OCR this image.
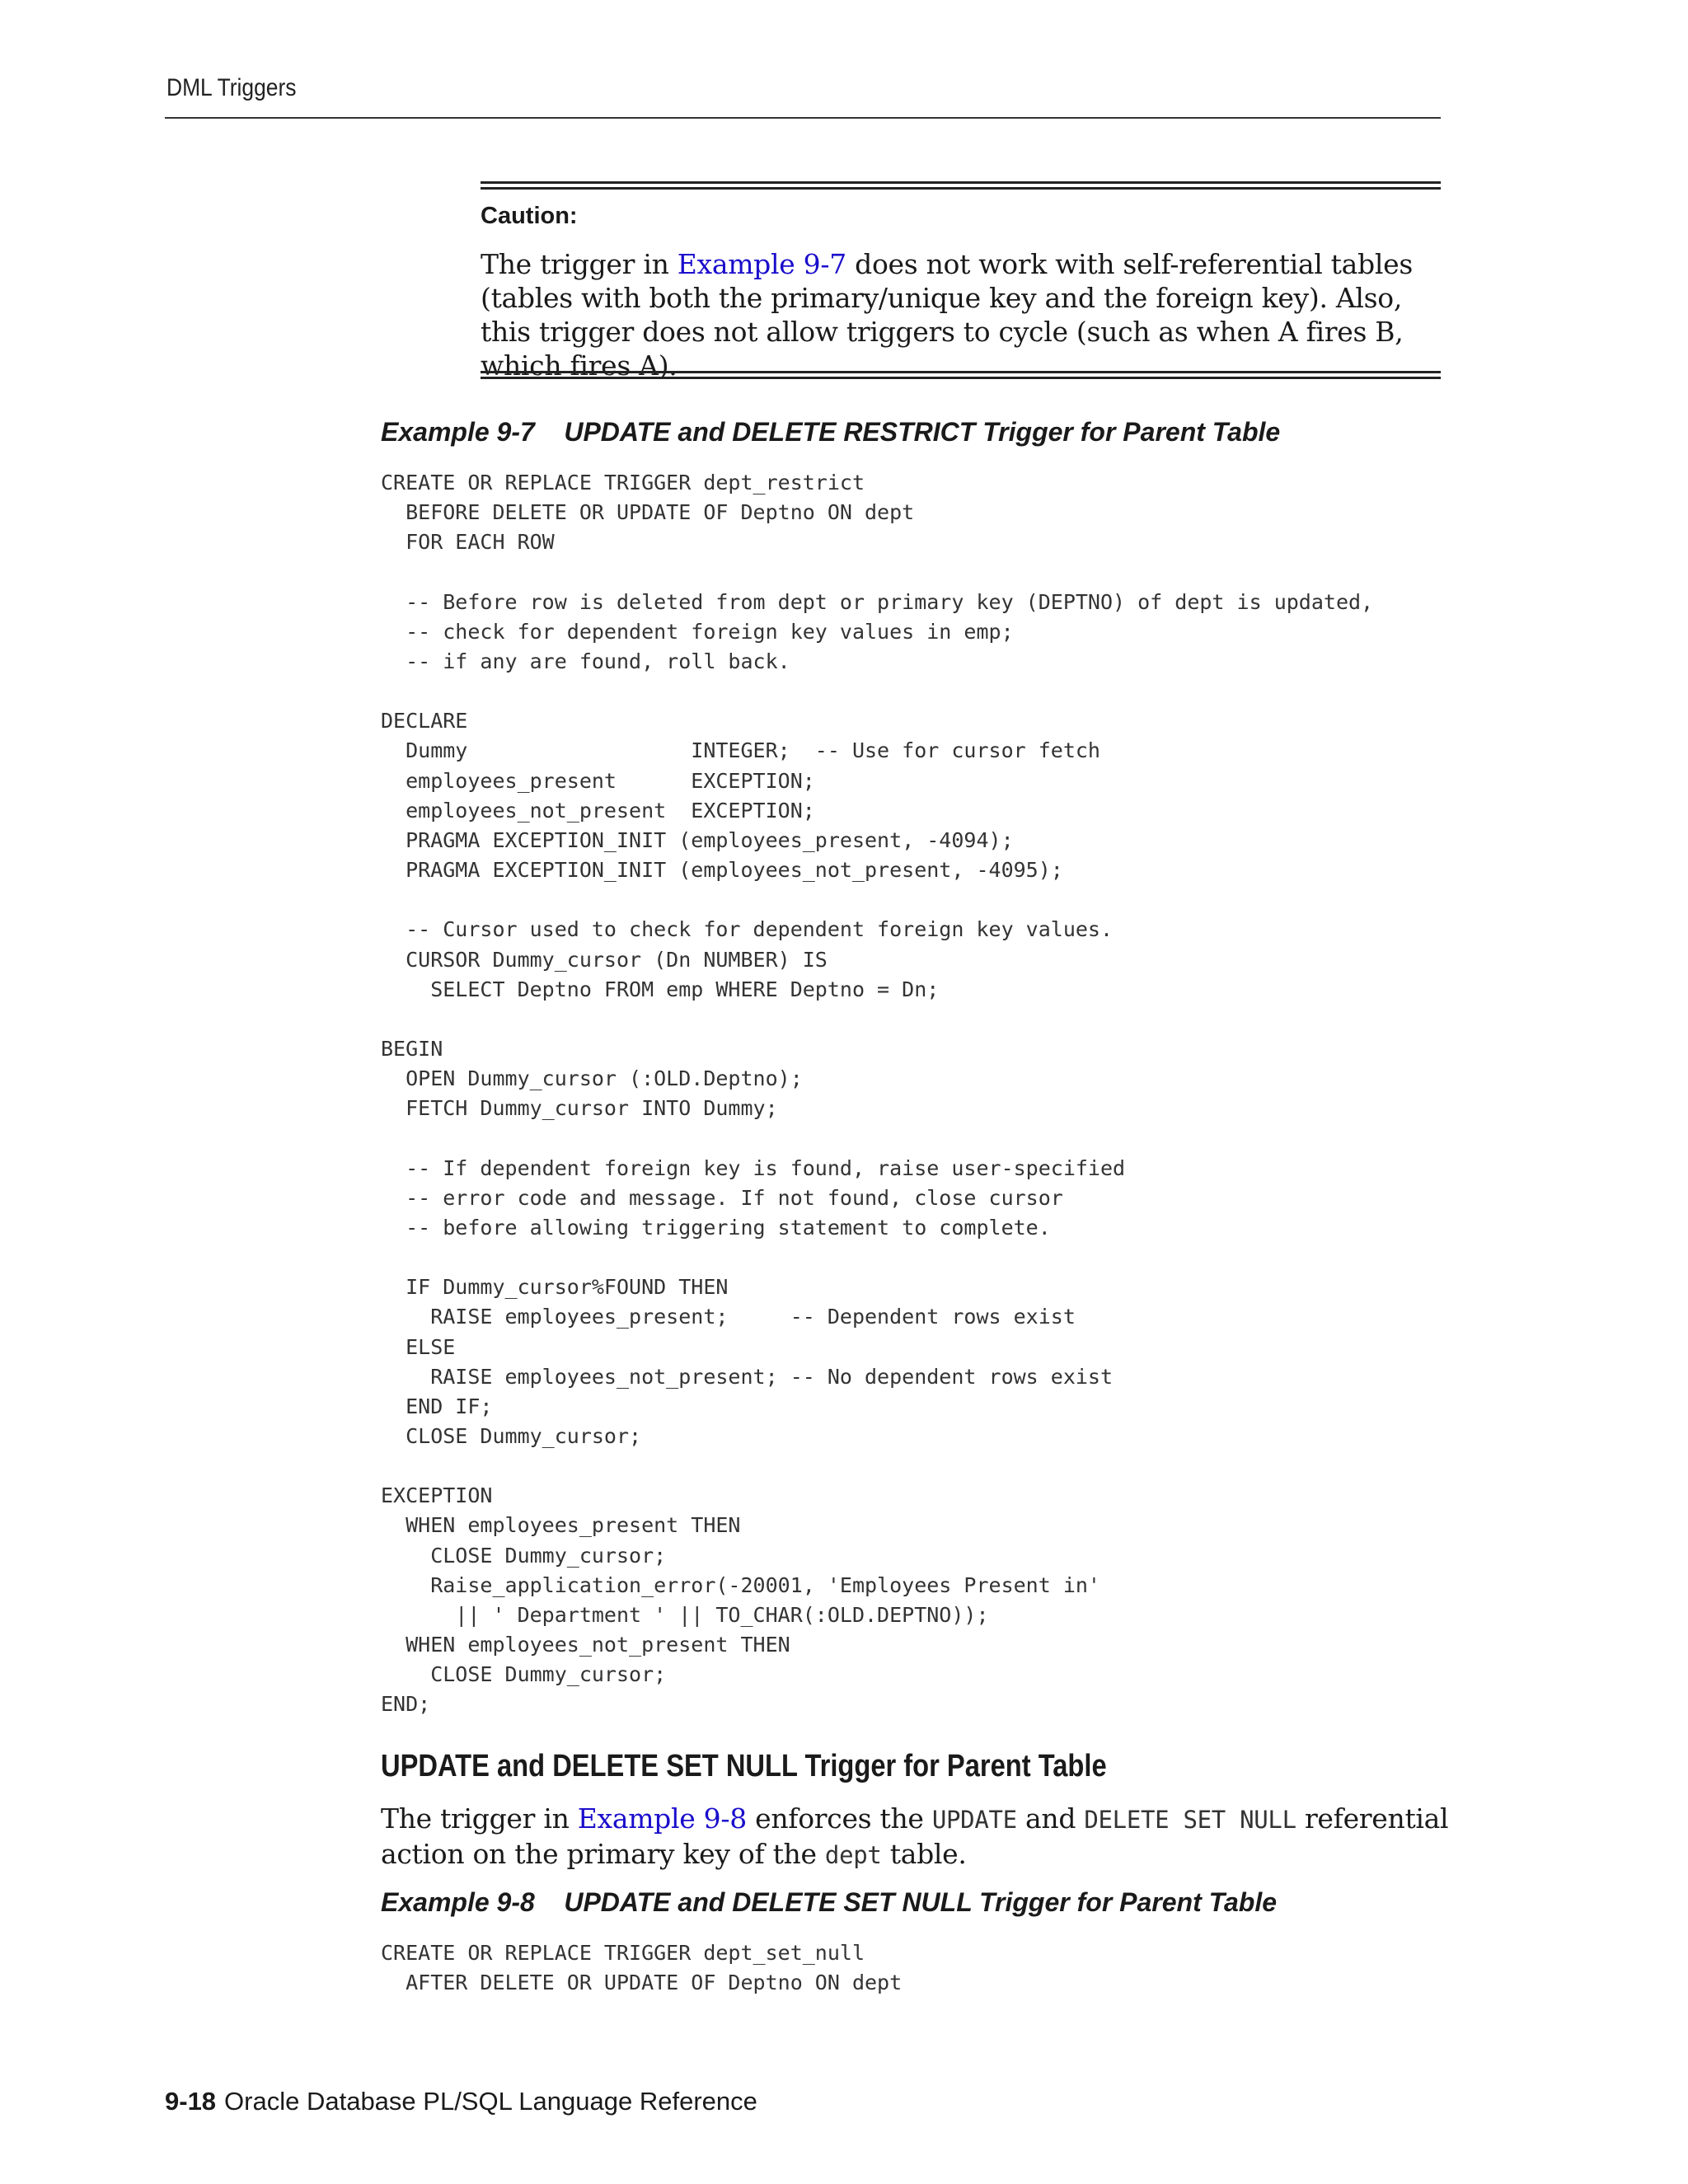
DML Triggers
Caution:
The trigger in Example 9-7 does not work with self-referential tables (tables with both the primary/unique key and the foreign key). Also, this trigger does not allow triggers to cycle (such as when A fires B, which fires A).
Example 9-7    UPDATE and DELETE RESTRICT Trigger for Parent Table
CREATE OR REPLACE TRIGGER dept_restrict
BEFORE DELETE OR UPDATE OF Deptno ON dept
FOR EACH ROW

-- Before row is deleted from dept or primary key (DEPTNO) of dept is updated,
-- check for dependent foreign key values in emp;
-- if any are found, roll back.

DECLARE
Dummy                  INTEGER;  -- Use for cursor fetch
employees_present      EXCEPTION;
employees_not_present  EXCEPTION;
PRAGMA EXCEPTION_INIT (employees_present, -4094);
PRAGMA EXCEPTION_INIT (employees_not_present, -4095);

-- Cursor used to check for dependent foreign key values.
CURSOR Dummy_cursor (Dn NUMBER) IS
SELECT Deptno FROM emp WHERE Deptno = Dn;

BEGIN
OPEN Dummy_cursor (:OLD.Deptno);
FETCH Dummy_cursor INTO Dummy;

-- If dependent foreign key is found, raise user-specified
-- error code and message. If not found, close cursor
-- before allowing triggering statement to complete.

IF Dummy_cursor%FOUND THEN
RAISE employees_present;     -- Dependent rows exist
ELSE
RAISE employees_not_present; -- No dependent rows exist
END IF;
CLOSE Dummy_cursor;

EXCEPTION
WHEN employees_present THEN
CLOSE Dummy_cursor;
Raise_application_error(-20001, 'Employees Present in'
|| ' Department ' || TO_CHAR(:OLD.DEPTNO));
WHEN employees_not_present THEN
CLOSE Dummy_cursor;
END;
UPDATE and DELETE SET NULL Trigger for Parent Table
The trigger in Example 9-8 enforces the UPDATE and DELETE SET NULL referential action on the primary key of the dept table.
Example 9-8    UPDATE and DELETE SET NULL Trigger for Parent Table
CREATE OR REPLACE TRIGGER dept_set_null
AFTER DELETE OR UPDATE OF Deptno ON dept
9-18 Oracle Database PL/SQL Language Reference
